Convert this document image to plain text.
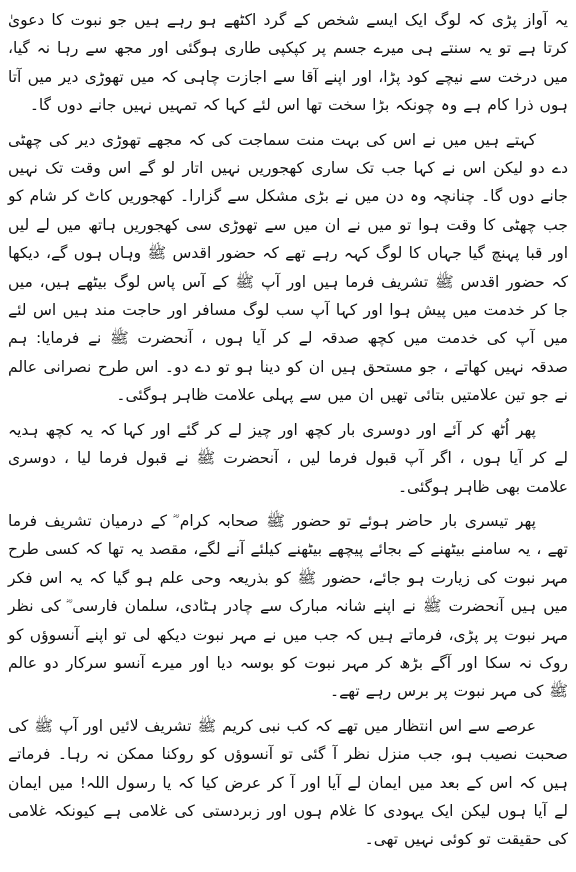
یہ آواز پڑی کہ لوگ ایک ایسے شخص کے گرد اکٹھے ہو رہے ہیں جو نبوت کا دعویٰ کرتا ہے تو یہ سنتے ہی میرے جسم پر کپکپی طاری ہوگئی اور مجھ سے رہا نہ گیا، میں درخت سے نیچے کود پڑا، اور اپنے آقا سے اجازت چاہی کہ میں تھوڑی دیر میں آتا ہوں ذرا کام ہے وہ چونکہ بڑا سخت تھا اس لئے کہا کہ تمہیں نہیں جانے دوں گا۔

کہتے ہیں میں نے اس کی بہت منت سماجت کی کہ مجھے تھوڑی دیر کی چھٹی دے دو لیکن اس نے کہا جب تک ساری کھجوریں نہیں اتار لو گے اس وقت تک نہیں جانے دوں گا۔ چنانچہ وہ دن میں نے بڑی مشکل سے گزارا۔ کھجوریں کاٹ کر شام کو جب چھٹی کا وقت ہوا تو میں نے ان میں سے تھوڑی سی کھجوریں ہاتھ میں لے لیں اور قبا پہنچ گیا جہاں کا لوگ کہہ رہے تھے کہ حضور اقدس ﷺ وہاں ہوں گے، دیکھا کہ حضور اقدس ﷺ تشریف فرما ہیں اور آپ ﷺ کے آس پاس لوگ بیٹھے ہیں، میں جا کر خدمت میں پیش ہوا اور کہا آپ سب لوگ مسافر اور حاجت مند ہیں اس لئے میں آپ کی خدمت میں کچھ صدقہ لے کر آیا ہوں ، آنحضرت ﷺ نے فرمایا: ہم صدقہ نہیں کھاتے ، جو مستحق ہیں ان کو دینا ہو تو دے دو۔ اس طرح نصرانی عالم نے جو تین علامتیں بتائی تھیں ان میں سے پہلی علامت ظاہر ہوگئی۔

پھر اُٹھ کر آئے اور دوسری بار کچھ اور چیز لے کر گئے اور کہا کہ یہ کچھ ہدیہ لے کر آیا ہوں ، اگر آپ قبول فرما لیں ، آنحضرت ﷺ نے قبول فرما لیا ، دوسری علامت بھی ظاہر ہوگئی۔

پھر تیسری بار حاضر ہوئے تو حضور ﷺ صحابہ کرام ؓ کے درمیان تشریف فرما تھے ، یہ سامنے بیٹھنے کے بجائے پیچھے بیٹھنے کیلئے آنے لگے، مقصد یہ تھا کہ کسی طرح مہر نبوت کی زیارت ہو جائے، حضور ﷺ کو بذریعہ وحی علم ہو گیا کہ یہ اس فکر میں ہیں آنحضرت ﷺ نے اپنے شانہ مبارک سے چادر ہٹادی، سلمان فارسی ؓ کی نظر مہر نبوت پر پڑی، فرماتے ہیں کہ جب میں نے مہر نبوت دیکھ لی تو اپنے آنسوؤں کو روک نہ سکا اور آگے بڑھ کر مہر نبوت کو بوسہ دیا اور میرے آنسو سرکار دو عالم ﷺ کی مہر نبوت پر برس رہے تھے۔

عرصے سے اس انتظار میں تھے کہ کب نبی کریم ﷺ تشریف لائیں اور آپ ﷺ کی صحبت نصیب ہو، جب منزل نظر آ گئی تو آنسوؤں کو روکنا ممکن نہ رہا۔ فرماتے ہیں کہ اس کے بعد میں ایمان لے آیا اور آ کر عرض کیا کہ یا رسول اللہ! میں ایمان لے آیا ہوں لیکن ایک یہودی کا غلام ہوں اور زبردستی کی غلامی ہے کیونکہ غلامی کی حقیقت تو کوئی نہیں تھی۔
